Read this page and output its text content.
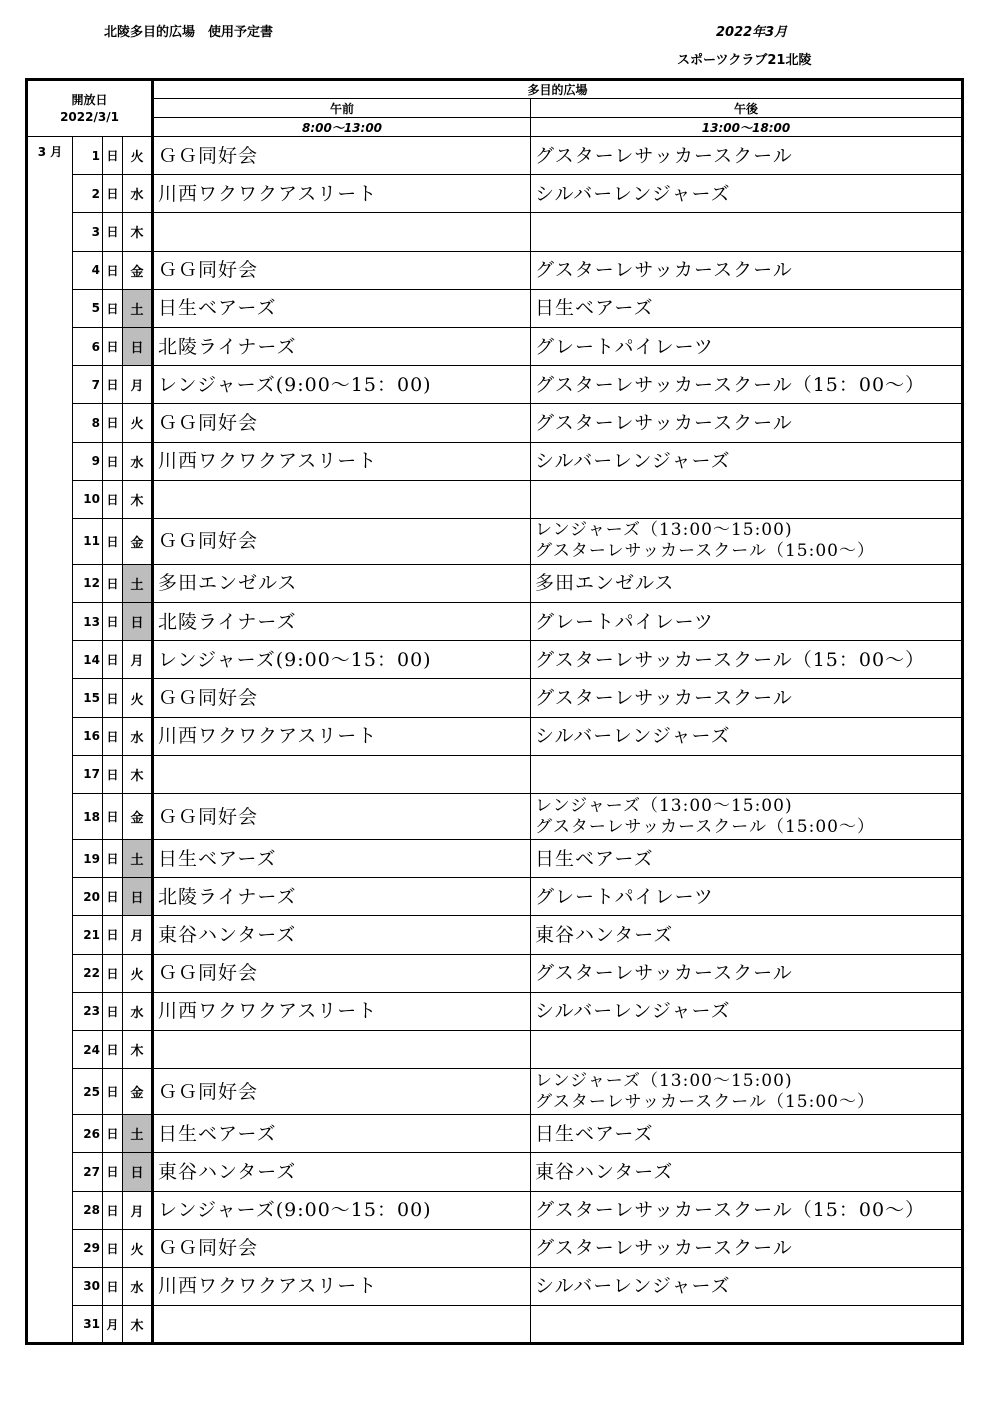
北陵多目的広場　使用予定書	2022年3月
スポーツクラブ21北陵
開放日
2022/3/1				多目的広場	
				午前	午後
				8:00～13:00	13:00～18:00
3 月	1	日	火	ＧＧ同好会	グスターレサッカースクール

	2	日	水	川西ワクワクアスリート	シルバーレンジャーズ

	3	日	木		

	4	日	金	ＧＧ同好会	グスターレサッカースクール

	5	日	土	日生ベアーズ	日生ベアーズ

	6	日	日	北陵ライナーズ	グレートパイレーツ

	7	日	月	レンジャーズ(9:00～15：00)	グスターレサッカースクール（15：00～）

	8	日	火	ＧＧ同好会	グスターレサッカースクール

	9	日	水	川西ワクワクアスリート	シルバーレンジャーズ

	10	日	木		

	11	日	金	ＧＧ同好会	レンジャーズ（13:00～15:00)
グスターレサッカースクール（15:00～）

	12	日	土	多田エンゼルス	多田エンゼルス

	13	日	日	北陵ライナーズ	グレートパイレーツ

	14	日	月	レンジャーズ(9:00～15：00)	グスターレサッカースクール（15：00～）

	15	日	火	ＧＧ同好会	グスターレサッカースクール

	16	日	水	川西ワクワクアスリート	シルバーレンジャーズ

	17	日	木		

	18	日	金	ＧＧ同好会	レンジャーズ（13:00～15:00)
グスターレサッカースクール（15:00～）

	19	日	土	日生ベアーズ	日生ベアーズ

	20	日	日	北陵ライナーズ	グレートパイレーツ

	21	日	月	東谷ハンターズ	東谷ハンターズ

	22	日	火	ＧＧ同好会	グスターレサッカースクール

	23	日	水	川西ワクワクアスリート	シルバーレンジャーズ

	24	日	木		

	25	日	金	ＧＧ同好会	レンジャーズ（13:00～15:00)
グスターレサッカースクール（15:00～）

	26	日	土	日生ベアーズ	日生ベアーズ

	27	日	日	東谷ハンターズ	東谷ハンターズ

	28	日	月	レンジャーズ(9:00～15：00)	グスターレサッカースクール（15：00～）

	29	日	火	ＧＧ同好会	グスターレサッカースクール

	30	日	水	川西ワクワクアスリート	シルバーレンジャーズ

	31	月	木		
